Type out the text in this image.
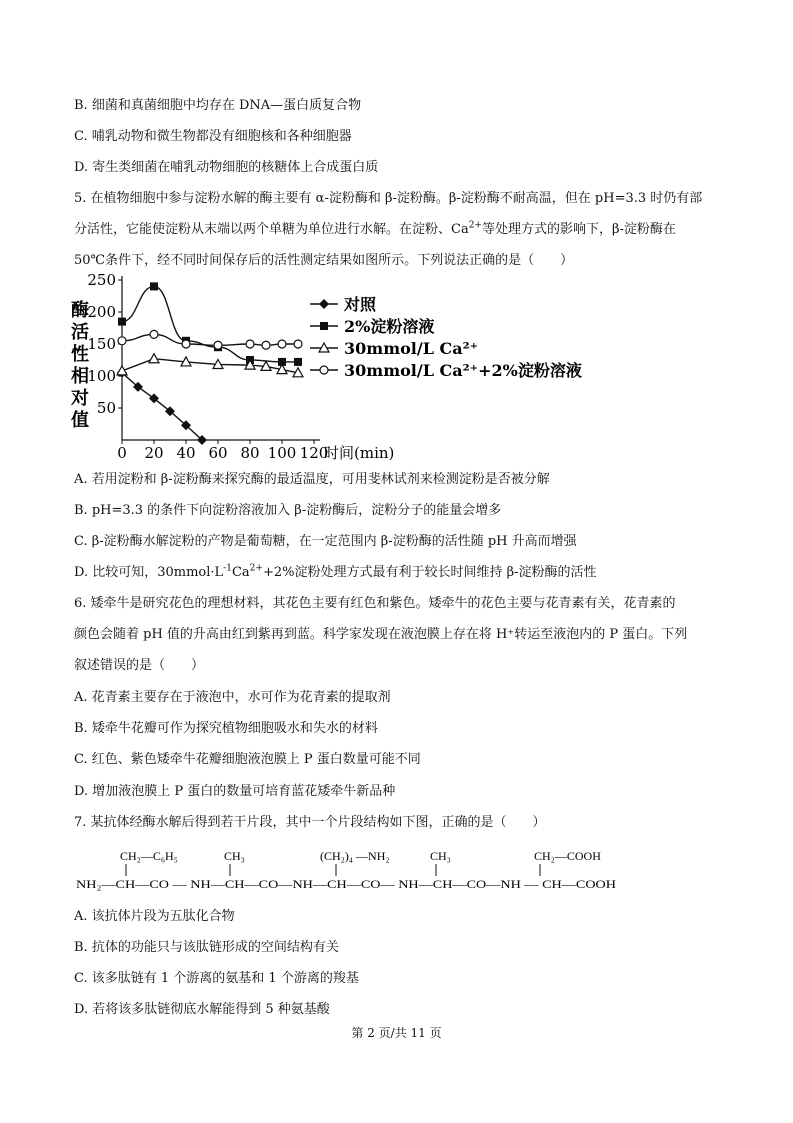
B. 细菌和真菌细胞中均存在 DNA—蛋白质复合物
C. 哺乳动物和微生物都没有细胞核和各种细胞器
D. 寄生类细菌在哺乳动物细胞的核糖体上合成蛋白质
5. 在植物细胞中参与淀粉水解的酶主要有 α-淀粉酶和 β-淀粉酶。β-淀粉酶不耐高温，但在 pH=3.3 时仍有部
分活性，它能使淀粉从末端以两个单糖为单位进行水解。在淀粉、$Ca^{2+}$等处理方式的影响下，β-淀粉酶在
50℃条件下，经不同时间保存后的活性测定结果如图所示。下列说法正确的是（　　）
酶
活
性
相
对
值
0 20 40 60 80 100 120
时间(min)
50
100
150
200
250
对照
2%淀粉溶液
30mmol/L Ca²⁺
30mmol/L Ca²⁺+2%淀粉溶液
A. 若用淀粉和 β-淀粉酶来探究酶的最适温度，可用斐林试剂来检测淀粉是否被分解
B. pH=3.3 的条件下向淀粉溶液加入 β-淀粉酶后，淀粉分子的能量会增多
C. β-淀粉酶水解淀粉的产物是葡萄糖，在一定范围内 β-淀粉酶的活性随 pH 升高而增强
D. 比较可知，$30mmol\cdot L^{-1}Ca^{2+}+2\%$淀粉处理方式最有利于较长时间维持 β-淀粉酶的活性
6. 矮牵牛是研究花色的理想材料，其花色主要有红色和紫色。矮牵牛的花色主要与花青素有关，花青素的
颜色会随着 pH 值的升高由红到紫再到蓝。科学家发现在液泡膜上存在将 H⁺转运至液泡内的 P 蛋白。下列
叙述错误的是（　　）
A. 花青素主要存在于液泡中，水可作为花青素的提取剂
B. 矮牵牛花瓣可作为探究植物细胞吸水和失水的材料
C. 红色、紫色矮牵牛花瓣细胞液泡膜上 P 蛋白数量可能不同
D. 增加液泡膜上 P 蛋白的数量可培育蓝花矮牵牛新品种
7. 某抗体经酶水解后得到若干片段，其中一个片段结构如下图，正确的是（　　）
CH₂—C₆H₅	CH₃	(CH₂)₄ —NH₂	CH₃	CH₂—COOH
NH₂—CH—CO — NH—CH—CO—NH—CH—CO— NH—CH—CO—NH — CH—COOH
A. 该抗体片段为五肽化合物
B. 抗体的功能只与该肽链形成的空间结构有关
C. 该多肽链有 1 个游离的氨基和 1 个游离的羧基
D. 若将该多肽链彻底水解能得到 5 种氨基酸
第 2 页/共 11 页
